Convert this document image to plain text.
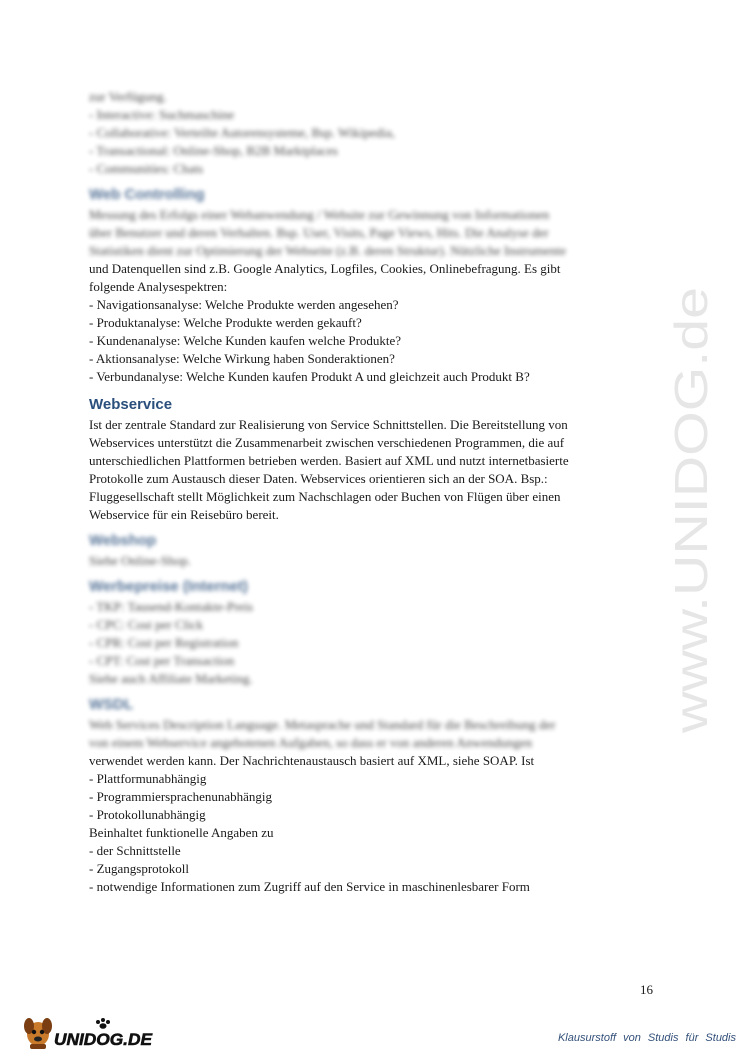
zur Verfügung.
- Interactive: Suchmaschine
- Collaborative: Verteilte Autorensysteme, Bsp. Wikipedia,
- Transactional: Online-Shop, B2B Marktplaces
- Communities: Chats
Web Controlling
Messung des Erfolgs einer Webanwendung / Website zur Gewinnung von Informationen
über Benutzer und deren Verhalten. Bsp. User, Visits, Page Views, Hits. Die Analyse der
Statistiken dient zur Optimierung der Webseite (z.B. deren Struktur). Nützliche Instrumente
und Datenquellen sind z.B. Google Analytics, Logfiles, Cookies, Onlinebefragung. Es gibt
folgende Analysespektren:
- Navigationsanalyse: Welche Produkte werden angesehen?
- Produktanalyse: Welche Produkte werden gekauft?
- Kundenanalyse: Welche Kunden kaufen welche Produkte?
- Aktionsanalyse: Welche Wirkung haben Sonderaktionen?
- Verbundanalyse: Welche Kunden kaufen Produkt A und gleichzeit auch Produkt B?
Webservice
Ist der zentrale Standard zur Realisierung von Service Schnittstellen. Die Bereitstellung von
Webservices unterstützt die Zusammenarbeit zwischen verschiedenen Programmen, die auf
unterschiedlichen Plattformen betrieben werden. Basiert auf XML und nutzt internetbasierte
Protokolle zum Austausch dieser Daten. Webservices orientieren sich an der SOA. Bsp.:
Fluggesellschaft stellt Möglichkeit zum Nachschlagen oder Buchen von Flügen über einen
Webservice für ein Reisebüro bereit.
Webshop
Siehe Online-Shop.
Werbepreise (Internet)
- TKP: Tausend-Kontakte-Preis
- CPC: Cost per Click
- CPR: Cost per Registration
- CPT: Cost per Transaction
Siehe auch Affiliate Marketing.
WSDL
Web Services Description Language. Metasprache und Standard für die Beschreibung der
von einem Webservice angebotenen Aufgaben, so dass er von anderen Anwendungen
verwendet werden kann. Der Nachrichtenaustausch basiert auf XML, siehe SOAP. Ist
- Plattformunabhängig
- Programmiersprachenunabhängig
- Protokollunabhängig
Beinhaltet funktionelle Angaben zu
- der Schnittstelle
- Zugangsprotokoll
- notwendige Informationen zum Zugriff auf den Service in maschinenlesbarer Form
www.UNIDOG.de
16
UNIDOG.DE	Klausurstoff von Studis für Studis
